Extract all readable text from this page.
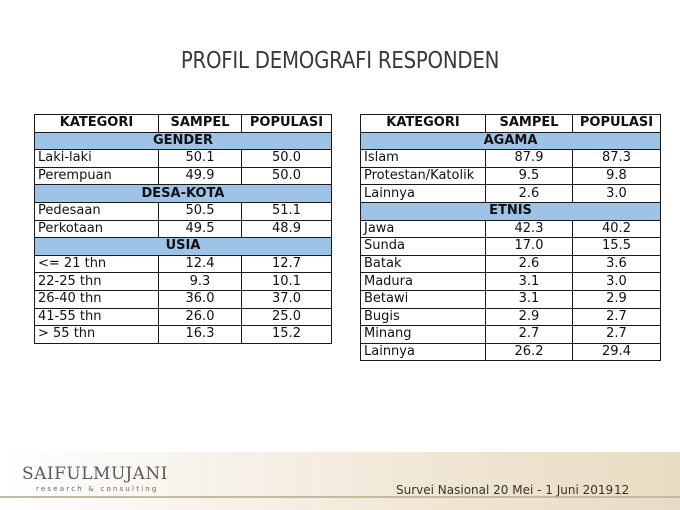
PROFIL DEMOGRAFI RESPONDEN
KATEGORI	SAMPEL	POPULASI
GENDER		
Laki-laki	50.1	50.0
Perempuan	49.9	50.0
DESA-KOTA		
Pedesaan	50.5	51.1
Perkotaan	49.5	48.9
USIA		
<= 21 thn	12.4	12.7
22-25 thn	9.3	10.1
26-40 thn	36.0	37.0
41-55 thn	26.0	25.0
> 55 thn	16.3	15.2
KATEGORI	SAMPEL	POPULASI
AGAMA		
Islam	87.9	87.3
Protestan/Katolik	9.5	9.8
Lainnya	2.6	3.0
ETNIS		
Jawa	42.3	40.2
Sunda	17.0	15.5
Batak	2.6	3.6
Madura	3.1	3.0
Betawi	3.1	2.9
Bugis	2.9	2.7
Minang	2.7	2.7
Lainnya	26.2	29.4
SAIFULMUJANI
research & consulting	Survei Nasional 20 Mei - 1 Juni 2019 12
